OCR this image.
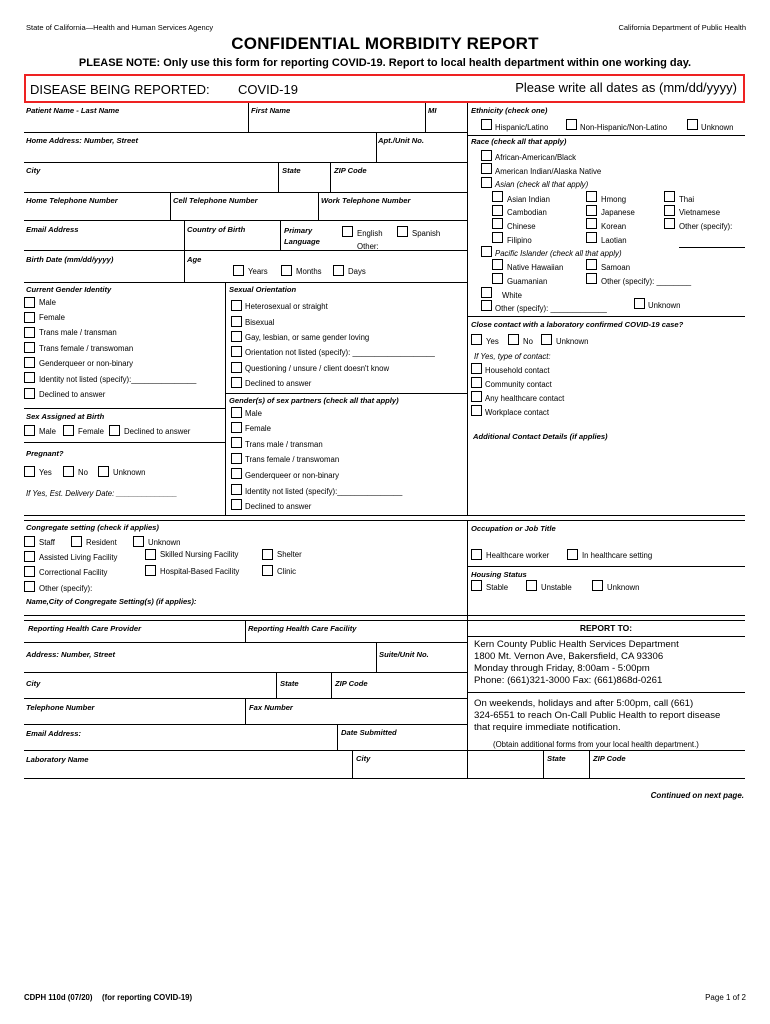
State of California—Health and Human Services Agency	California Department of Public Health
CONFIDENTIAL MORBIDITY REPORT
PLEASE NOTE: Only use this form for reporting COVID-19. Report to local health department within one working day.
DISEASE BEING REPORTED: COVID-19	Please write all dates as (mm/dd/yyyy)
Patient Name - Last Name	First Name	MI
Home Address: Number, Street	Apt./Unit No.
City	State	ZIP Code
Home Telephone Number	Cell Telephone Number	Work Telephone Number
Email Address	Country of Birth	Primary
Language
English	Spanish
Other:
Birth Date (mm/dd/yyyy)	Age
Years	Months	Days
Ethnicity (check one)
Hispanic/Latino	Non-Hispanic/Non-Latino	Unknown
Race (check all that apply)
African-American/Black
American Indian/Alaska Native
Asian (check all that apply)
Asian Indian
Cambodian
Chinese
Filipino
Hmong
Japanese
Korean
Laotian
Thai
Vietnamese
Other (specify):
Pacific Islander (check all that apply)
Native Hawaiian
Guamanian
Samoan
Other (specify): ________
White
Other (specify): _____________	Unknown
Close contact with a laboratory confirmed COVID-19 case?
Yes	No	Unknown
If Yes, type of contact:
Household contact
Community contact
Any healthcare contact
Workplace contact
Additional Contact Details (if applies)
Current Gender Identity
Male
Female
Trans male / transman
Trans female / transwoman
Genderqueer or non-binary
Identity not listed (specify):_______________
Declined to answer
Sexual Orientation
Heterosexual or straight
Bisexual
Gay, lesbian, or same gender loving
Orientation not listed (specify): ___________________
Questioning / unsure / client doesn't know
Declined to answer
Gender(s) of sex partners (check all that apply)
Male
Female
Trans male / transman
Trans female / transwoman
Genderqueer or non-binary
Identity not listed (specify):_______________
Declined to answer
Sex Assigned at Birth
Male	Female	Declined to answer
Pregnant?
Yes	No	Unknown
If Yes, Est. Delivery Date: ______________
Congregate setting (check if applies)
Staff	Resident	Unknown
Assisted Living Facility
Correctional Facility
Other (specify):
Skilled Nursing Facility
Hospital-Based Facility
Shelter
Clinic
Name,City of Congregate Setting(s) (if applies):
Occupation or Job Title
Healthcare worker	In healthcare setting
Housing Status
Stable	Unstable	Unknown
Reporting Health Care Provider	Reporting Health Care Facility
Address: Number, Street	Suite/Unit No.
City	State	ZIP Code
Telephone Number	Fax Number
Email Address:	Date Submitted
Laboratory Name	City	State	ZIP Code
REPORT TO:
Kern County Public Health Services Department
1800 Mt. Vernon Ave, Bakersfield, CA 93306
Monday through Friday, 8:00am - 5:00pm
Phone: (661)321-3000 Fax: (661)868d-0261
On weekends, holidays and after 5:00pm, call (661)
324-6551 to reach On-Call Public Health to report disease
that require immediate notification.
(Obtain additional forms from your local health department.)
Continued on next page.
CDPH 110d (07/20) (for reporting COVID-19)	Page 1 of 2
